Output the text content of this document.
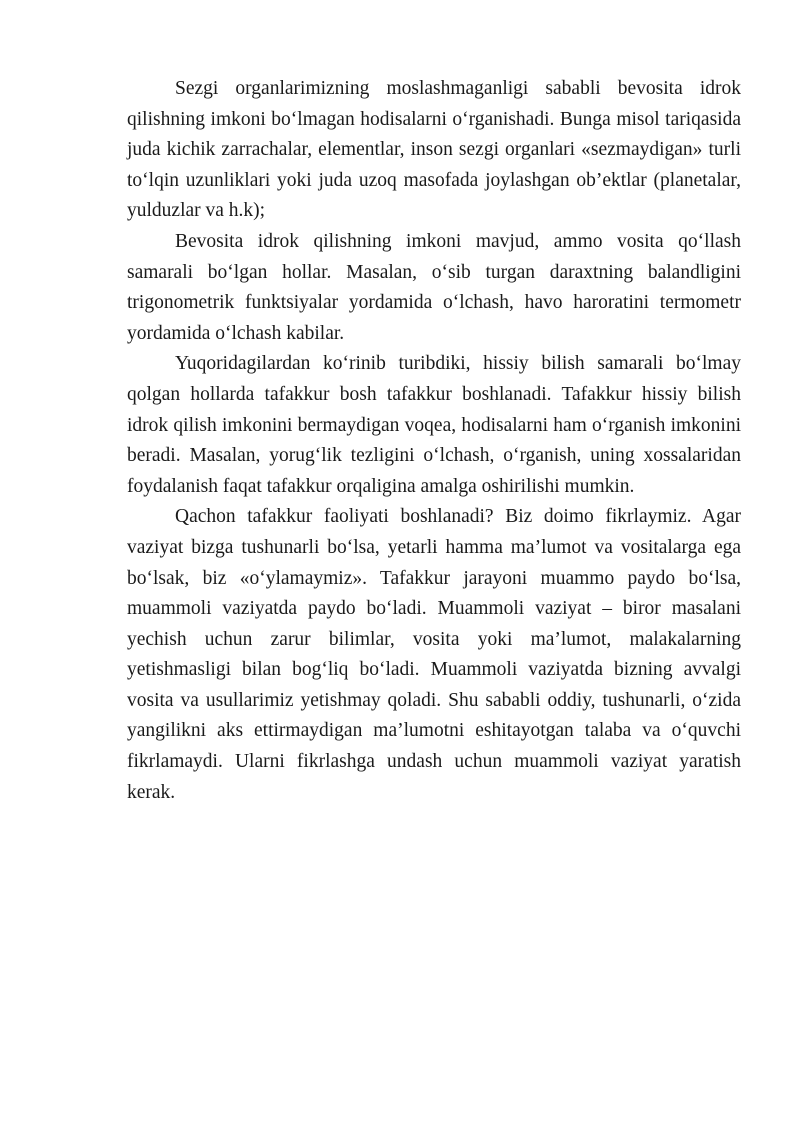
Sezgi organlarimizning moslashmaganligi sababli bevosita idrok qilishning imkoni bo‘lmagan hodisalarni o‘rganishadi. Bunga misol tariqasida juda kichik zarrachalar, elementlar, inson sezgi organlari «sezmaydigan» turli to‘lqin uzunliklari yoki juda uzoq masofada joylashgan ob’ektlar (planetalar, yulduzlar va h.k);

Bevosita idrok qilishning imkoni mavjud, ammo vosita qo‘llash samarali bo‘lgan hollar. Masalan, o‘sib turgan daraxtning balandligini trigonometrik funktsiyalar yordamida o‘lchash, havo haroratini termometr yordamida o‘lchash kabilar.

Yuqoridagilardan ko‘rinib turibdiki, hissiy bilish samarali bo‘lmay qolgan hollarda tafakkur bosh tafakkur boshlanadi. Tafakkur hissiy bilish idrok qilish imkonini bermaydigan voqea, hodisalarni ham o‘rganish imkonini beradi. Masalan, yorug‘lik tezligini o‘lchash, o‘rganish, uning xossalaridan foydalanish faqat tafakkur orqaligina amalga oshirilishi mumkin.

Qachon tafakkur faoliyati boshlanadi? Biz doimo fikrlaymiz. Agar vaziyat bizga tushunarli bo‘lsa, yetarli hamma ma’lumot va vositalarga ega bo‘lsak, biz «o‘ylamaymiz». Tafakkur jarayoni muammo paydo bo‘lsa, muammoli vaziyatda paydo bo‘ladi. Muammoli vaziyat – biror masalani yechish uchun zarur bilimlar, vosita yoki ma’lumot, malakalarning yetishmasligi bilan bog‘liq bo‘ladi. Muammoli vaziyatda bizning avvalgi vosita va usullarimiz yetishmay qoladi. Shu sababli oddiy, tushunarli, o‘zida yangilikni aks ettirmaydigan ma’lumotni eshitayotgan talaba va o‘quvchi fikrlamaydi. Ularni fikrlashga undash uchun muammoli vaziyat yaratish kerak.
